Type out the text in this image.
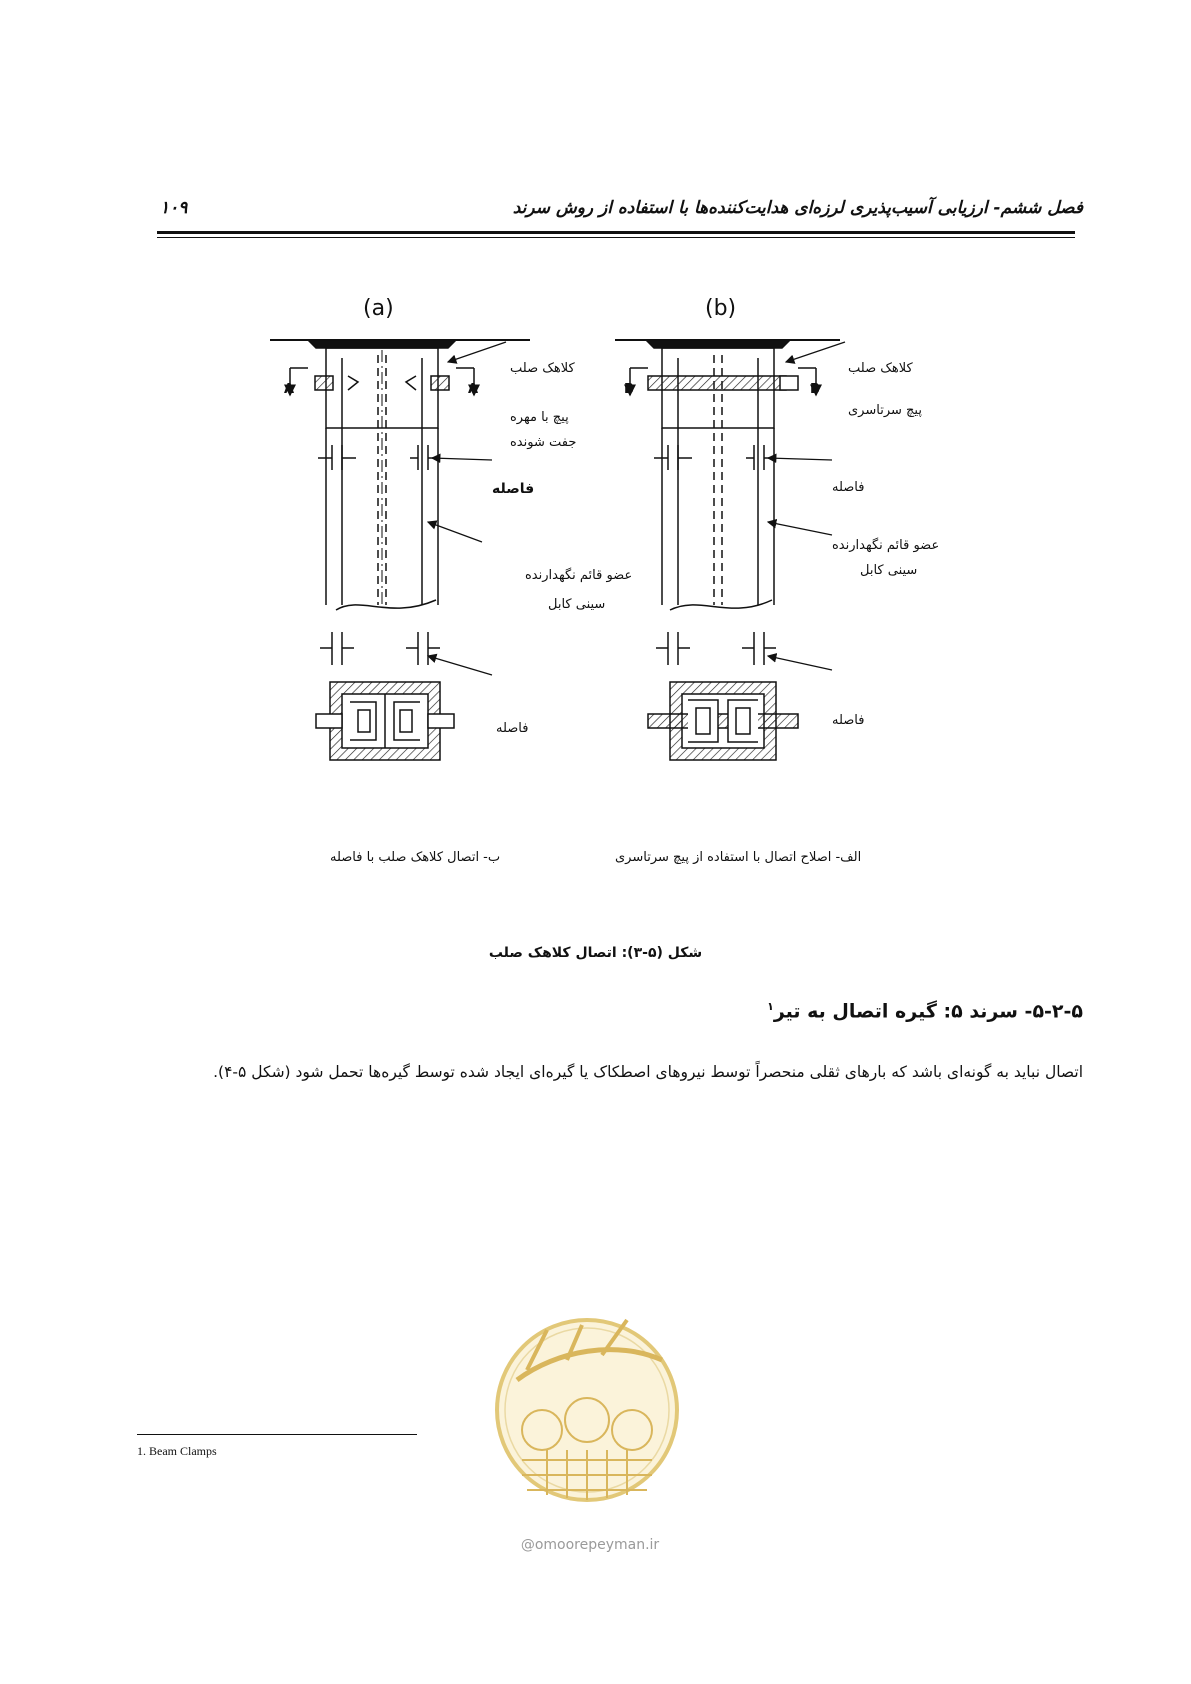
فصل ششم- ارزیابی آسیب‌پذیری لرزه‌ای هدایت‌کننده‌ها با استفاده از روش سرند
۱۰۹
(a)	(b)
A	A	B	B
کلاهک صلب
پیچ با مهره
جفت شونده
فاصله
عضو قائم نگهدارنده
سینی کابل
فاصله
کلاهک صلب
پیچ سرتاسری
فاصله
عضو قائم نگهدارنده
سینی کابل
فاصله
ب- اتصال کلاهک صلب با فاصله	الف- اصلاح اتصال با استفاده از پیچ سرتاسری
شکل (۵-۳): اتصال کلاهک صلب
۵-۲-۵- سرند ۵: گیره اتصال به تیر$^۱$
اتصال نباید به گونه‌ای باشد که بارهای ثقلی منحصراً توسط نیروهای اصطکاک یا گیره‌ای ایجاد شده توسط گیره‌ها تحمل شود (شکل ۵-۴).
1. Beam Clamps
@omoorepeyman.ir
